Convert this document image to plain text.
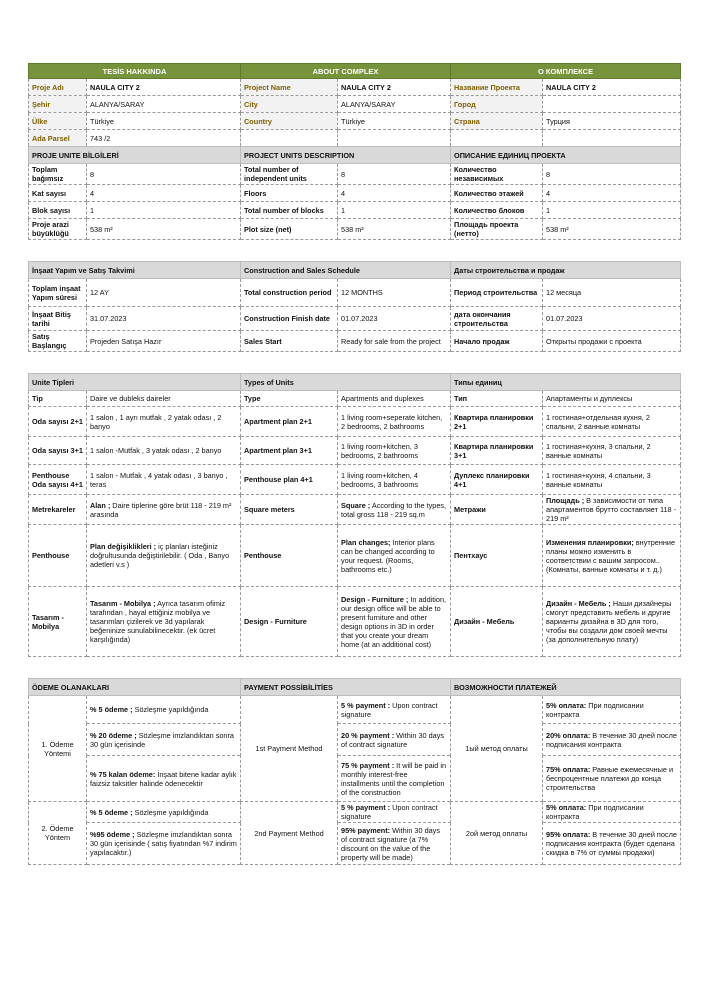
TESİS HAKKINDA		ABOUT COMPLEX		О КОМПЛЕКСЕ	
Proje Adı	NAULA CITY 2	Project Name	NAULA CITY 2	Название Проекта	NAULA CITY 2
Şehir	ALANYA/SARAY	City	ALANYA/SARAY	Город	
Ülke	Türkiye	Country	Türkiye	Страна	Турция
Ada Parsel	743 /2				
PROJE UNITE BİLGİLERİ		PROJECT UNITS DESCRIPTION		ОПИСАНИЕ ЕДИНИЦ ПРОЕКТА	
Toplam bağımsız	8	Total number of independent units	8	Количество независимых	8
Kat sayısı	4	Floors	4	Количество этажей	4
Blok sayısı	1	Total number of blocks	1	Количество блоков	1
Proje arazi büyüklüğü	538 m²	Plot size (net)	538 m²	Площадь проекта (нетто)	538 m²

İnşaat Yapım ve Satış Takvimi		Construction and Sales Schedule		Даты строительства и продаж	
Toplam inşaat Yapım süresi	12 AY	Total construction period	12 MONTHS	Период строительства	12 месяца
İnşaat Bitiş tarihi	31.07.2023	Construction Finish date	01.07.2023	дата окончания строительства	01.07.2023
Satış Başlangıç	Projeden Satışa Hazır	Sales Start	Ready for sale from the project	Начало продаж	Открыты продажи с проекта

Unite Tipleri		Types of Units		Типы единиц	
Tip	Daire ve dubleks daireler	Type	Apartments and duplexes	Тип	Апартаменты и дуплексы
Oda sayısı 2+1	1 salon , 1 ayrı mutfak , 2 yatak odası , 2 banyo	Apartment plan 2+1	1 living room+seperate kitchen, 2 bedrooms, 2 bathrooms	Квартира планировки 2+1	1 гостиная+отдельная кухня, 2 спальни, 2 ванные комнаты
Oda sayısı 3+1	1 salon -Mutfak , 3 yatak odası , 2 banyo	Apartment plan 3+1	1 living room+kitchen, 3 bedrooms, 2 bathrooms	Квартира планировки 3+1	1 гостиная+кухня, 3 спальни, 2 ванные комнаты
Penthouse Oda sayısı 4+1	1 salon - Mutfak , 4 yatak odası , 3 banyo , teras	Penthouse plan 4+1	1 living room+kitchen, 4 bedrooms, 3 bathrooms	Дуплекс планировки 4+1	1 гостиная+кухня, 4 спальни, 3 ванные комнаты
Metrekareler	Alan ; Daire tiplerine göre brüt 118 - 219 m² arasında	Square meters	Square ; According to the types, total gross 118 - 219 sq.m	Метражи	Площадь ; В зависимости от типа апартаментов брутто составляет 118 - 219 m²
Penthouse	Plan değişiklikleri ; iç planları isteğiniz doğrultusunda değiştirilebilir. ( Oda , Banyo adetleri v.s )	Penthouse	Plan changes; Interior plans can be changed according to your request. (Rooms, bathrooms etc.)	Пентхаус	Изменения планировки; внутренние планы можно изменить в соответствии с вашим запросом.. (Комнаты, ванные комнаты и т. д.)
Tasarım - Mobilya	Tasarım - Mobilya ; Ayrıca tasarım ofimiz tarafından , hayal ettiğiniz mobilya ve tasarımları çizilerek ve 3d yapılarak beğeninize sunulabilinecektir. (ek ücret karşılığında)	Design - Furniture	Design - Furniture ; In addition, our design office will be able to present furniture and other design options in 3D in order that you create your dream home (at an additional cost)	Дизайн - Мебель	Дизайн - Мебель ; Наши дизайнеры смогут представить мебель и другие варианты дизайна в 3D для того, чтобы вы создали дом своей мечты (за дополнительную плату)

ÖDEME OLANAKLARI		PAYMENT POSSİBİLİTİES		ВОЗМОЖНОСТИ ПЛАТЕЖЕЙ	
1. Ödeme Yöntemi	% 5 ödeme ; Sözleşme yapıldığında	1st Payment Method	5 % payment : Upon contract signature	1ый метод оплаты	5% оплата: При подписании контракта
	% 20 ödeme ; Sözleşme imzlandıktan sonra 30 gün içerisinde		20 % payment : Within 30 days of contract signature		20% оплата: В течение 30 дней после подписания контракта
	% 75 kalan ödeme: İnşaat bitene kadar aylık faizsiz taksitler halinde ödenecektir		75 % payment : It will be paid in monthly interest-free installments until the completion of the construction		75% оплата: Равные ежемесячные и беспроцентные платежи до конца строительства
2. Ödeme Yöntem	% 5 ödeme ; Sözleşme yapıldığında	2nd Payment Method	5 % payment : Upon contract signature	2ой метод оплаты	5% оплата: При подписании контракта
	%95 ödeme ; Sözleşme imzlandıktan sonra 30 gün içerisinde ( satış fiyatından %7 indirim yapılacaktır.)		95% payment: Within 30 days of contract signature (a 7% discount on the value of the property will be made)		95% оплата: В течение 30 дней после подписания контракта (будет сделана скидка в 7% от суммы продажи)
